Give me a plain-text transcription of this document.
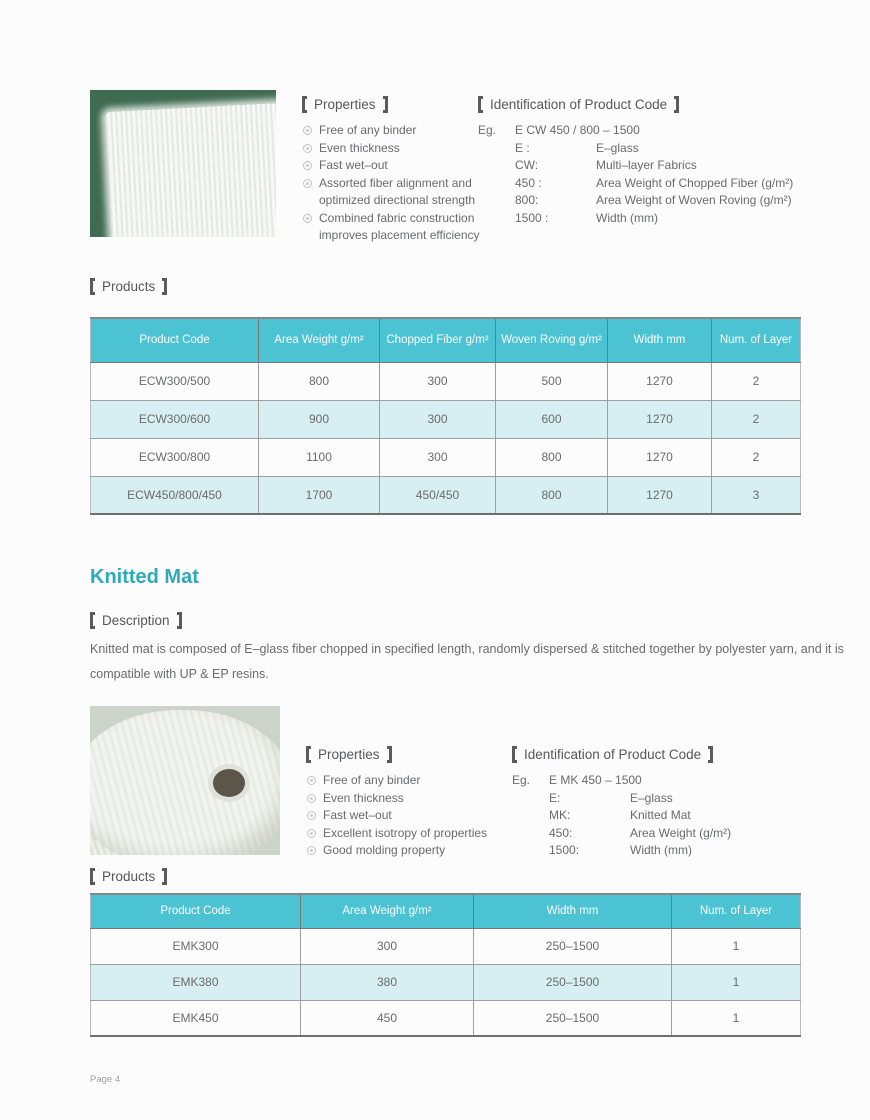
Properties
Free of any binder
Even thickness
Fast wet–out
Assorted fiber alignment and optimized directional strength
Combined fabric construction improves placement efficiency
Identification of Product Code
Eg.	E CW 450 / 800 – 1500
E :	E–glass
CW:	Multi–layer Fabrics
450 :	Area Weight of Chopped Fiber (g/m²)
800:	Area Weight of Woven Roving (g/m²)
1500 :	Width (mm)
Products
Product Code	Area Weight g/m²	Chopped Fiber g/m²	Woven Roving g/m²	Width mm	Num. of Layer
ECW300/500	800	300	500	1270	2
ECW300/600	900	300	600	1270	2
ECW300/800	1100	300	800	1270	2
ECW450/800/450	1700	450/450	800	1270	3
Knitted Mat
Description
Knitted mat is composed of E–glass fiber chopped in specified length, randomly dispersed & stitched together by polyester yarn, and it is compatible with UP & EP resins.
Properties
Free of any binder
Even thickness
Fast wet–out
Excellent isotropy of properties
Good molding property
Identification of Product Code
Eg.	E MK 450 – 1500
E:	E–glass
MK:	Knitted Mat
450:	Area Weight (g/m²)
1500:	Width (mm)
Products
Product Code	Area Weight g/m²	Width mm	Num. of Layer
EMK300	300	250–1500	1
EMK380	380	250–1500	1
EMK450	450	250–1500	1
Page 4
